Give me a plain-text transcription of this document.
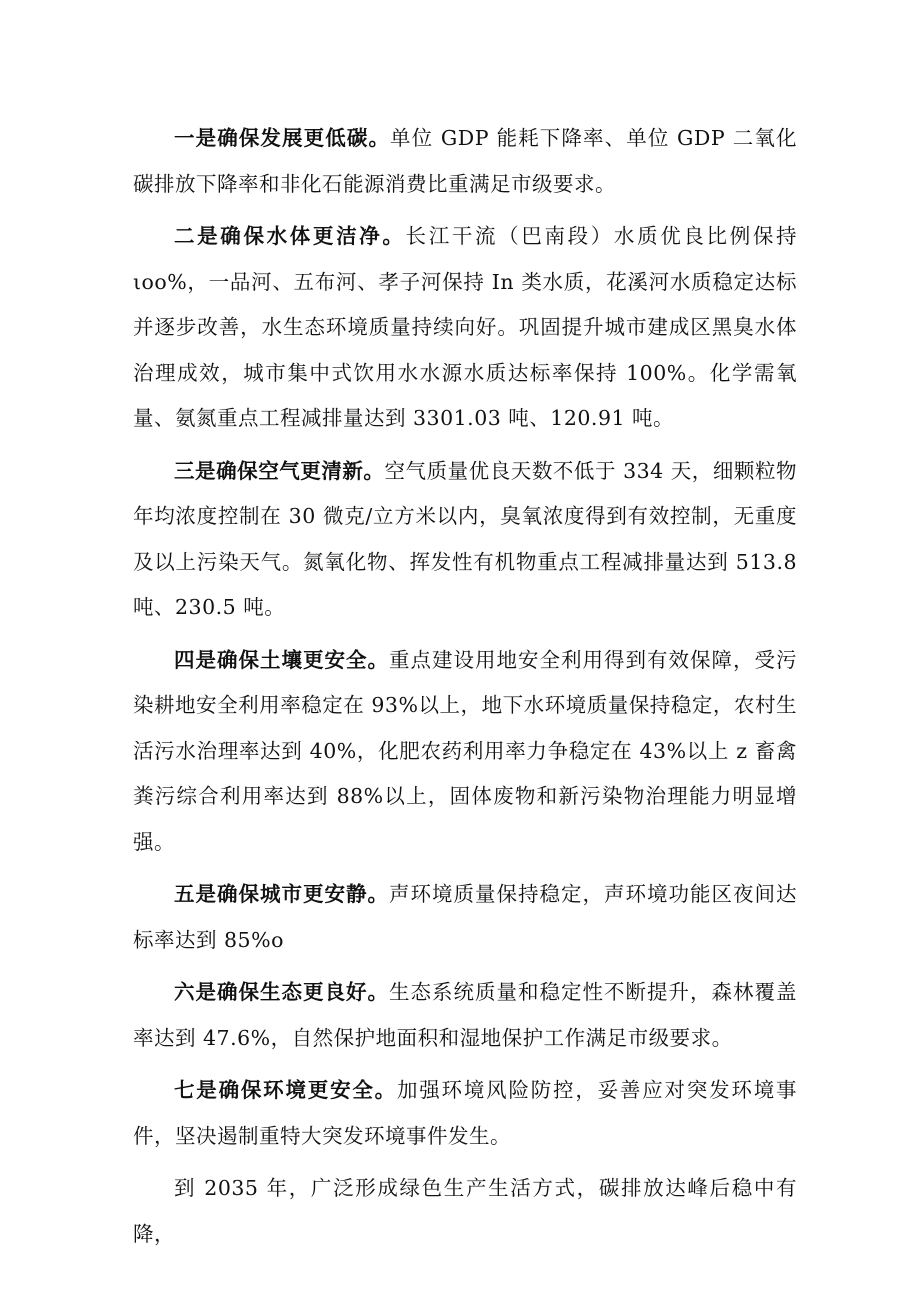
一是确保发展更低碳。单位 GDP 能耗下降率、单位 GDP 二氧化碳排放下降率和非化石能源消费比重满足市级要求。

二是确保水体更洁净。长江干流（巴南段）水质优良比例保持 ιoo%，一品河、五布河、孝子河保持 In 类水质，花溪河水质稳定达标并逐步改善，水生态环境质量持续向好。巩固提升城市建成区黑臭水体治理成效，城市集中式饮用水水源水质达标率保持 100%。化学需氧量、氨氮重点工程减排量达到 3301.03 吨、120.91 吨。

三是确保空气更清新。空气质量优良天数不低于 334 天，细颗粒物年均浓度控制在 30 微克/立方米以内，臭氧浓度得到有效控制，无重度及以上污染天气。氮氧化物、挥发性有机物重点工程减排量达到 513.8 吨、230.5 吨。

四是确保土壤更安全。重点建设用地安全利用得到有效保障，受污染耕地安全利用率稳定在 93%以上，地下水环境质量保持稳定，农村生活污水治理率达到 40%，化肥农药利用率力争稳定在 43%以上 z 畜禽粪污综合利用率达到 88%以上，固体废物和新污染物治理能力明显增强。

五是确保城市更安静。声环境质量保持稳定，声环境功能区夜间达标率达到 85%o

六是确保生态更良好。生态系统质量和稳定性不断提升，森林覆盖率达到 47.6%，自然保护地面积和湿地保护工作满足市级要求。

七是确保环境更安全。加强环境风险防控，妥善应对突发环境事件，坚决遏制重特大突发环境事件发生。

到 2035 年，广泛形成绿色生产生活方式，碳排放达峰后稳中有降，
